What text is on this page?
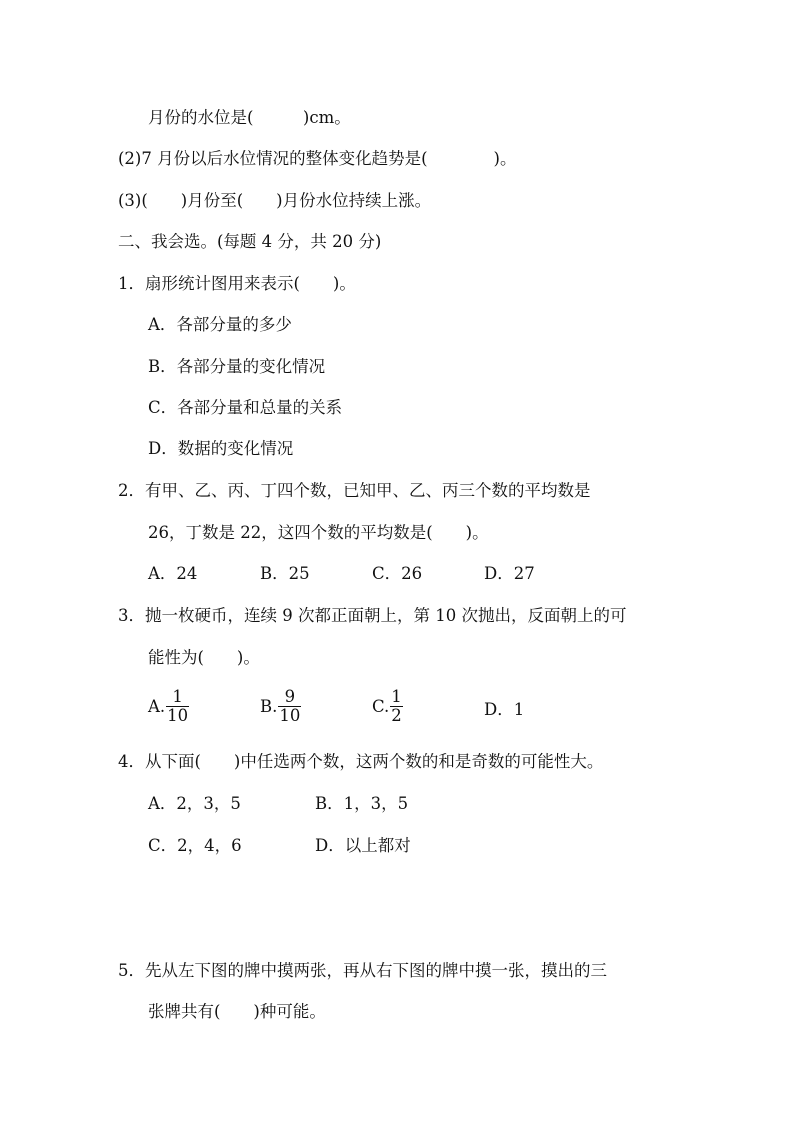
月份的水位是(　　　)cm。
(2)7 月份以后水位情况的整体变化趋势是(　　　　)。
(3)(　　)月份至(　　)月份水位持续上涨。
二、我会选。(每题 4 分，共 20 分)
1．扇形统计图用来表示(　　)。
A．各部分量的多少
B．各部分量的变化情况
C．各部分量和总量的关系
D．数据的变化情况
2．有甲、乙、丙、丁四个数，已知甲、乙、丙三个数的平均数是
26，丁数是 22，这四个数的平均数是(　　)。
A．24	B．25	C．26	D．27
3．抛一枚硬币，连续 9 次都正面朝上，第 10 次抛出，反面朝上的可
能性为(　　)。
A. $\frac{1}{10}$	B. $\frac{9}{10}$	C. $\frac{1}{2}$	D．1
4．从下面(　　)中任选两个数，这两个数的和是奇数的可能性大。
A．2，3，5	B．1，3，5
C．2，4，6	D．以上都对
5．先从左下图的牌中摸两张，再从右下图的牌中摸一张，摸出的三
张牌共有(　　)种可能。
